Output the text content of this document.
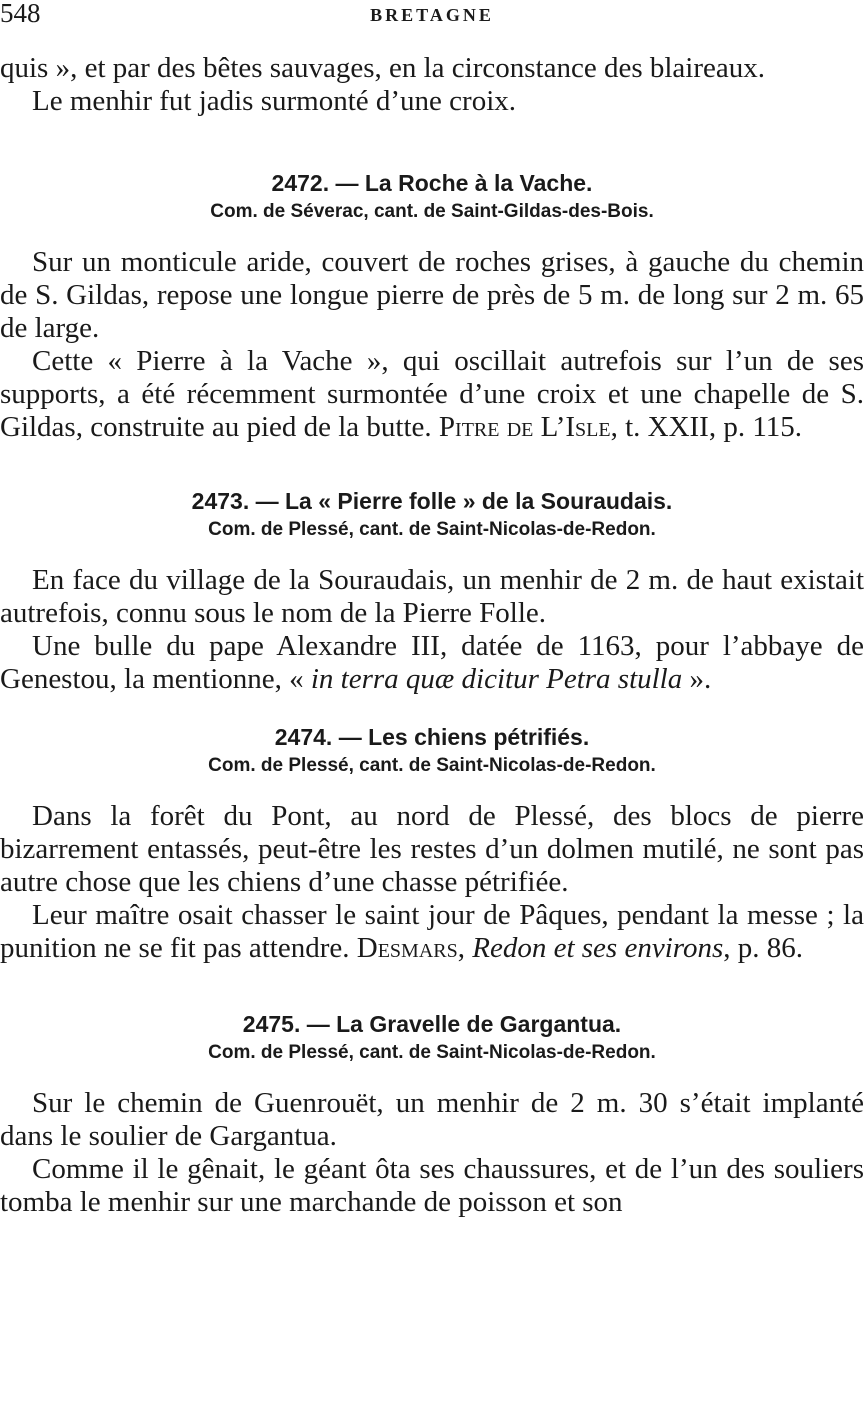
548	BRETAGNE

quis », et par des bêtes sauvages, en la circonstance des blaireaux.

Le menhir fut jadis surmonté d’une croix.

2472. — La Roche à la Vache.
Com. de Séverac, cant. de Saint-Gildas-des-Bois.

Sur un monticule aride, couvert de roches grises, à gauche du chemin de S. Gildas, repose une longue pierre de près de 5 m. de long sur 2 m. 65 de large.

Cette « Pierre à la Vache », qui oscillait autrefois sur l’un de ses supports, a été récemment surmontée d’une croix et une chapelle de S. Gildas, construite au pied de la butte. Pitre de L’Isle, t. XXII, p. 115.

2473. — La « Pierre folle » de la Souraudais.
Com. de Plessé, cant. de Saint-Nicolas-de-Redon.

En face du village de la Souraudais, un menhir de 2 m. de haut existait autrefois, connu sous le nom de la Pierre Folle.

Une bulle du pape Alexandre III, datée de 1163, pour l’abbaye de Genestou, la mentionne, « in terra quæ dicitur Petra stulla ».

2474. — Les chiens pétrifiés.
Com. de Plessé, cant. de Saint-Nicolas-de-Redon.

Dans la forêt du Pont, au nord de Plessé, des blocs de pierre bizarrement entassés, peut-être les restes d’un dolmen mutilé, ne sont pas autre chose que les chiens d’une chasse pétrifiée.

Leur maître osait chasser le saint jour de Pâques, pendant la messe ; la punition ne se fit pas attendre. Desmars, Redon et ses environs, p. 86.

2475. — La Gravelle de Gargantua.
Com. de Plessé, cant. de Saint-Nicolas-de-Redon.

Sur le chemin de Guenrouët, un menhir de 2 m. 30 s’était implanté dans le soulier de Gargantua.

Comme il le gênait, le géant ôta ses chaussures, et de l’un des souliers tomba le menhir sur une marchande de poisson et son
